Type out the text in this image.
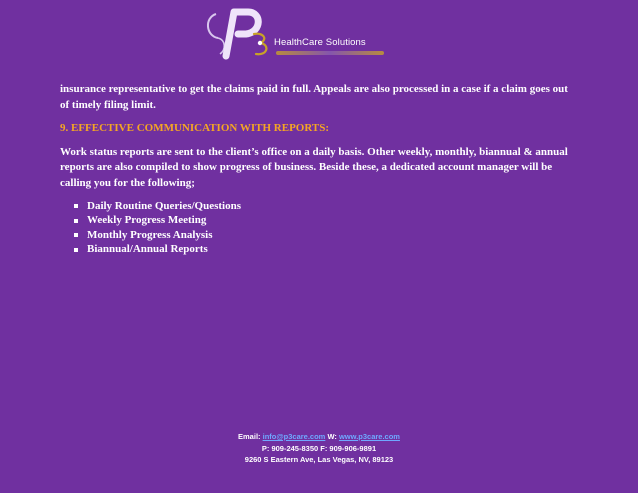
HealthCare Solutions

insurance representative to get the claims paid in full. Appeals are also processed in a case if a claim goes out of timely filing limit.

9. EFFECTIVE COMMUNICATION WITH REPORTS:

Work status reports are sent to the client’s office on a daily basis. Other weekly, monthly, biannual & annual reports are also compiled to show progress of business. Beside these, a dedicated account manager will be calling you for the following;

Daily Routine Queries/Questions
Weekly Progress Meeting
Monthly Progress Analysis
Biannual/Annual Reports
Email: info@p3care.com W: www.p3care.com
P: 909-245-8350 F: 909-906-9891
9260 S Eastern Ave, Las Vegas, NV, 89123
